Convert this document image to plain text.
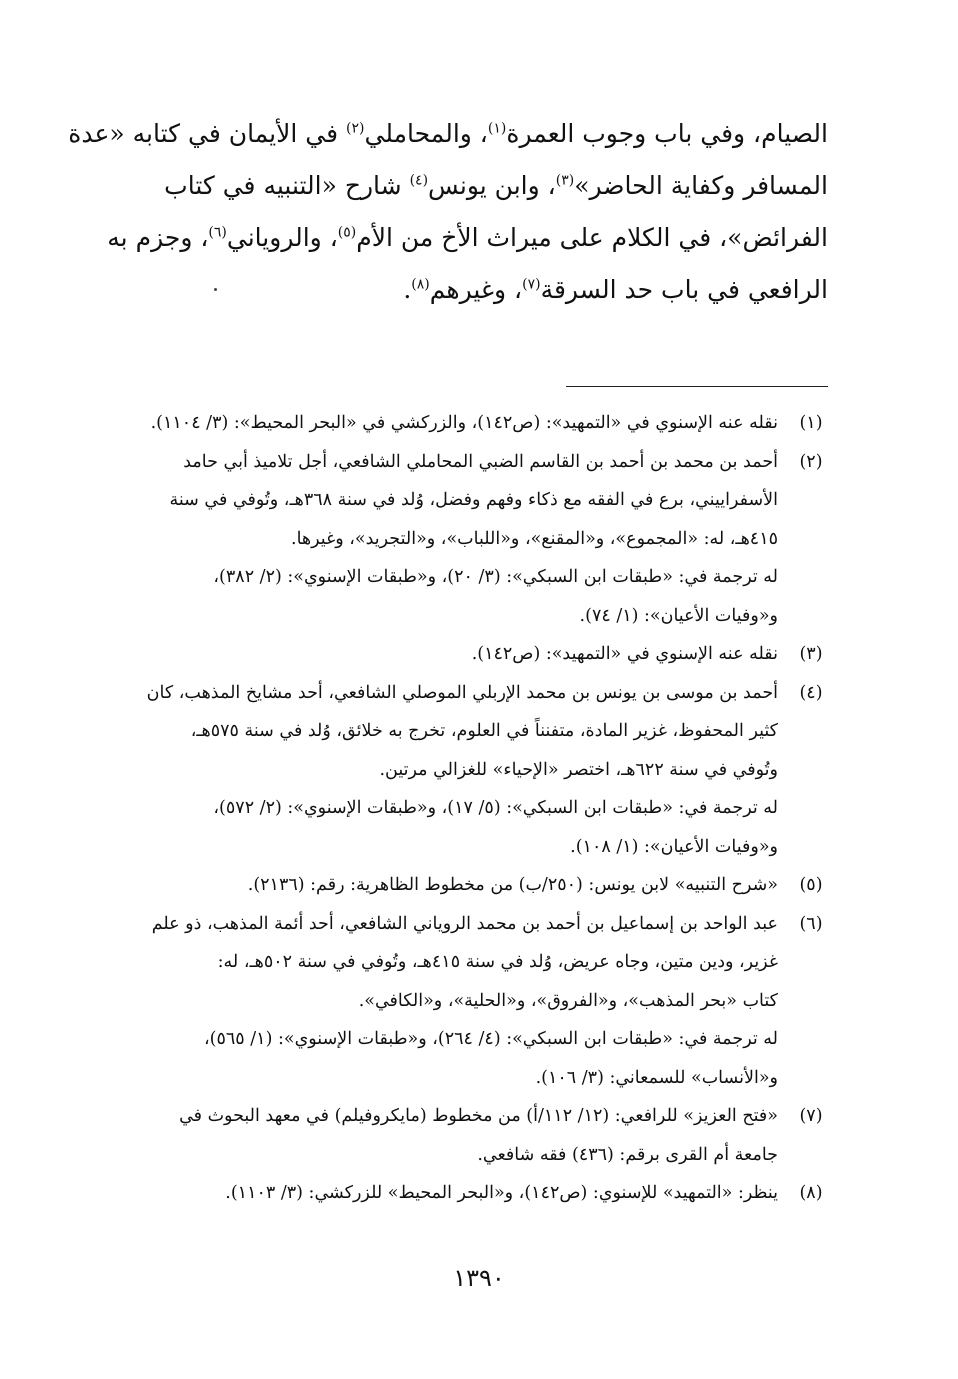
الصيام، وفي باب وجوب العمرة$^{(١)}$، والمحاملي$^{(٢)}$ في الأيمان في كتابه «عدة
المسافر وكفاية الحاضر»$^{(٣)}$، وابن يونس$^{(٤)}$ شارح «التنبيه في كتاب
الفرائض»، في الكلام على ميراث الأخ من الأم$^{(٥)}$، والروياني$^{(٦)}$، وجزم به
الرافعي في باب حد السرقة$^{(٧)}$، وغيرهم$^{(٨)}$.
(١)
نقله عنه الإسنوي في «التمهيد»: (ص١٤٢)، والزركشي في «البحر المحيط»: (٣/ ١١٠٤).
(٢)
أحمد بن محمد بن أحمد بن القاسم الضبي المحاملي الشافعي، أجل تلاميذ أبي حامد
الأسفراييني، برع في الفقه مع ذكاء وفهم وفضل، وُلد في سنة ٣٦٨هـ، وتُوفي في سنة
٤١٥هـ، له: «المجموع»، و«المقنع»، و«اللباب»، و«التجريد»، وغيرها.
له ترجمة في: «طبقات ابن السبكي»: (٣/ ٢٠)، و«طبقات الإسنوي»: (٢/ ٣٨٢)،
و«وفيات الأعيان»: (١/ ٧٤).
(٣)
نقله عنه الإسنوي في «التمهيد»: (ص١٤٢).
(٤)
أحمد بن موسى بن يونس بن محمد الإربلي الموصلي الشافعي، أحد مشايخ المذهب، كان
كثير المحفوظ، غزير المادة، متفنناً في العلوم، تخرج به خلائق، وُلد في سنة ٥٧٥هـ،
وتُوفي في سنة ٦٢٢هـ، اختصر «الإحياء» للغزالي مرتين.
له ترجمة في: «طبقات ابن السبكي»: (٥/ ١٧)، و«طبقات الإسنوي»: (٢/ ٥٧٢)،
و«وفيات الأعيان»: (١/ ١٠٨).
(٥)
«شرح التنبيه» لابن يونس: (٢٥٠/ب) من مخطوط الظاهرية: رقم: (٢١٣٦).
(٦)
عبد الواحد بن إسماعيل بن أحمد بن محمد الروياني الشافعي، أحد أئمة المذهب، ذو علم
غزير، ودين متين، وجاه عريض، وُلد في سنة ٤١٥هـ، وتُوفي في سنة ٥٠٢هـ، له:
كتاب «بحر المذهب»، و«الفروق»، و«الحلية»، و«الكافي».
له ترجمة في: «طبقات ابن السبكي»: (٤/ ٢٦٤)، و«طبقات الإسنوي»: (١/ ٥٦٥)،
و«الأنساب» للسمعاني: (٣/ ١٠٦).
(٧)
«فتح العزيز» للرافعي: (١٢/ ١١٢/أ) من مخطوط (مايكروفيلم) في معهد البحوث في
جامعة أم القرى برقم: (٤٣٦) فقه شافعي.
(٨)
ينظر: «التمهيد» للإسنوي: (ص١٤٢)، و«البحر المحيط» للزركشي: (٣/ ١١٠٣).
١٣٩٠
